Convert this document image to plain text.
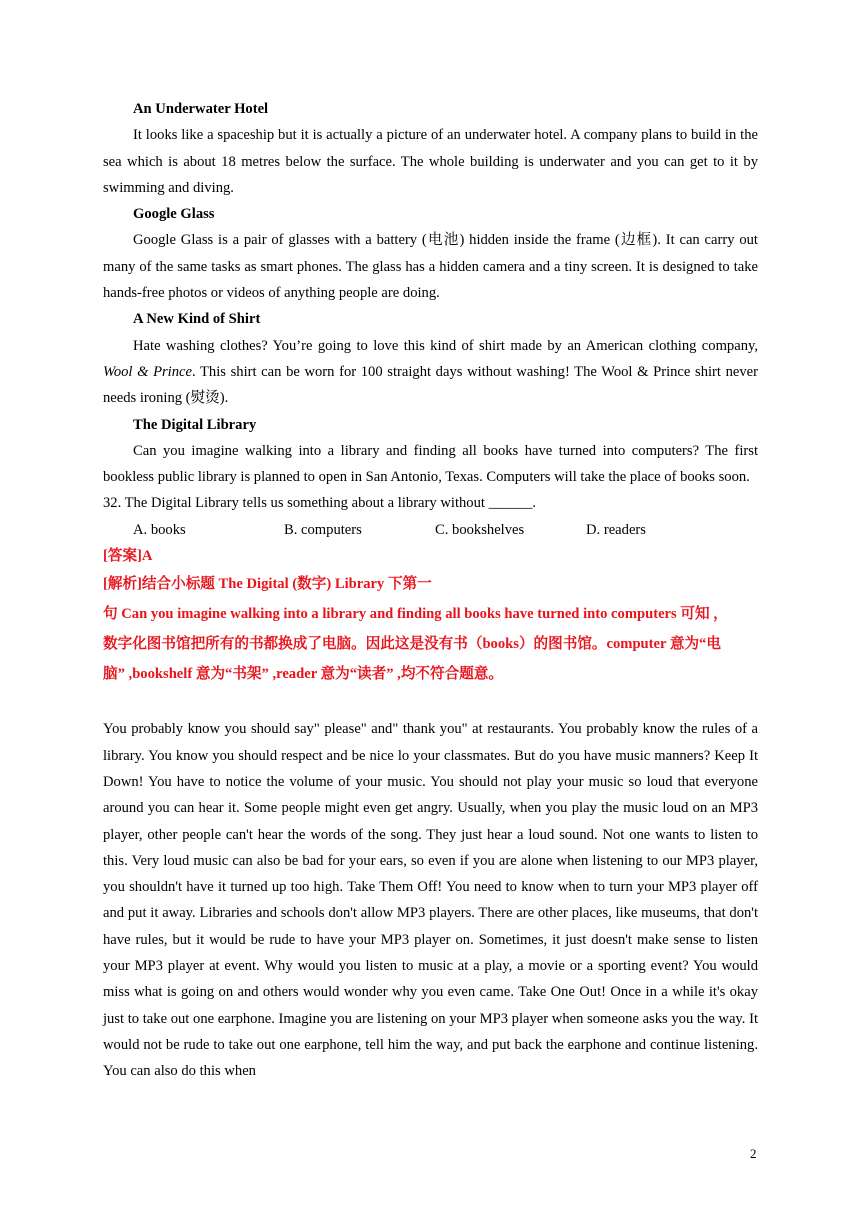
An Underwater Hotel

It looks like a spaceship but it is actually a picture of an underwater hotel. A company plans to build in the sea which is about 18 metres below the surface. The whole building is underwater and you can get to it by swimming and diving.

Google Glass

Google Glass is a pair of glasses with a battery (电池) hidden inside the frame (边框). It can carry out many of the same tasks as smart phones. The glass has a hidden camera and a tiny screen. It is designed to take hands-free photos or videos of anything people are doing.

A New Kind of Shirt

Hate washing clothes? You’re going to love this kind of shirt made by an American clothing company, Wool & Prince. This shirt can be worn for 100 straight days without washing! The Wool & Prince shirt never needs ironing (熨烫).

The Digital Library

Can you imagine walking into a library and finding all books have turned into computers? The first bookless public library is planned to open in San Antonio, Texas. Computers will take the place of books soon.

32. The Digital Library tells us something about a library without ______.

A. books	B. computers	C. bookshelves	D. readers

[答案]A

[解析]结合小标题 The Digital (数字) Library 下第一

句 Can you imagine walking into a library and finding all books have turned into computers 可知 ，

数字化图书馆把所有的书都换成了电脑。因此这是没有书（books）的图书馆。computer 意为“电

脑” ,bookshelf 意为“书架” ,reader 意为“读者” ,均不符合题意。

You probably know you should say" please" and" thank you" at restaurants. You probably know the rules of a library. You know you should respect and be nice lo your classmates. But do you have music manners? Keep It Down! You have to notice the volume of your music. You should not play your music so loud that everyone around you can hear it. Some people might even get angry. Usually, when you play the music loud on an MP3 player, other people can't hear the words of the song. They just hear a loud sound. Not one wants to listen to this. Very loud music can also be bad for your ears, so even if you are alone when listening to our MP3 player, you shouldn't have it turned up too high. Take Them Off! You need to know when to turn your MP3 player off and put it away. Libraries and schools don't allow MP3 players. There are other places, like museums, that don't have rules, but it would be rude to have your MP3 player on. Sometimes, it just doesn't make sense to listen your MP3 player at event. Why would you listen to music at a play, a movie or a sporting event? You would miss what is going on and others would wonder why you even came. Take One Out! Once in a while it's okay just to take out one earphone. Imagine you are listening on your MP3 player when someone asks you the way. It would not be rude to take out one earphone, tell him the way, and put back the earphone and continue listening. You can also do this when

2
